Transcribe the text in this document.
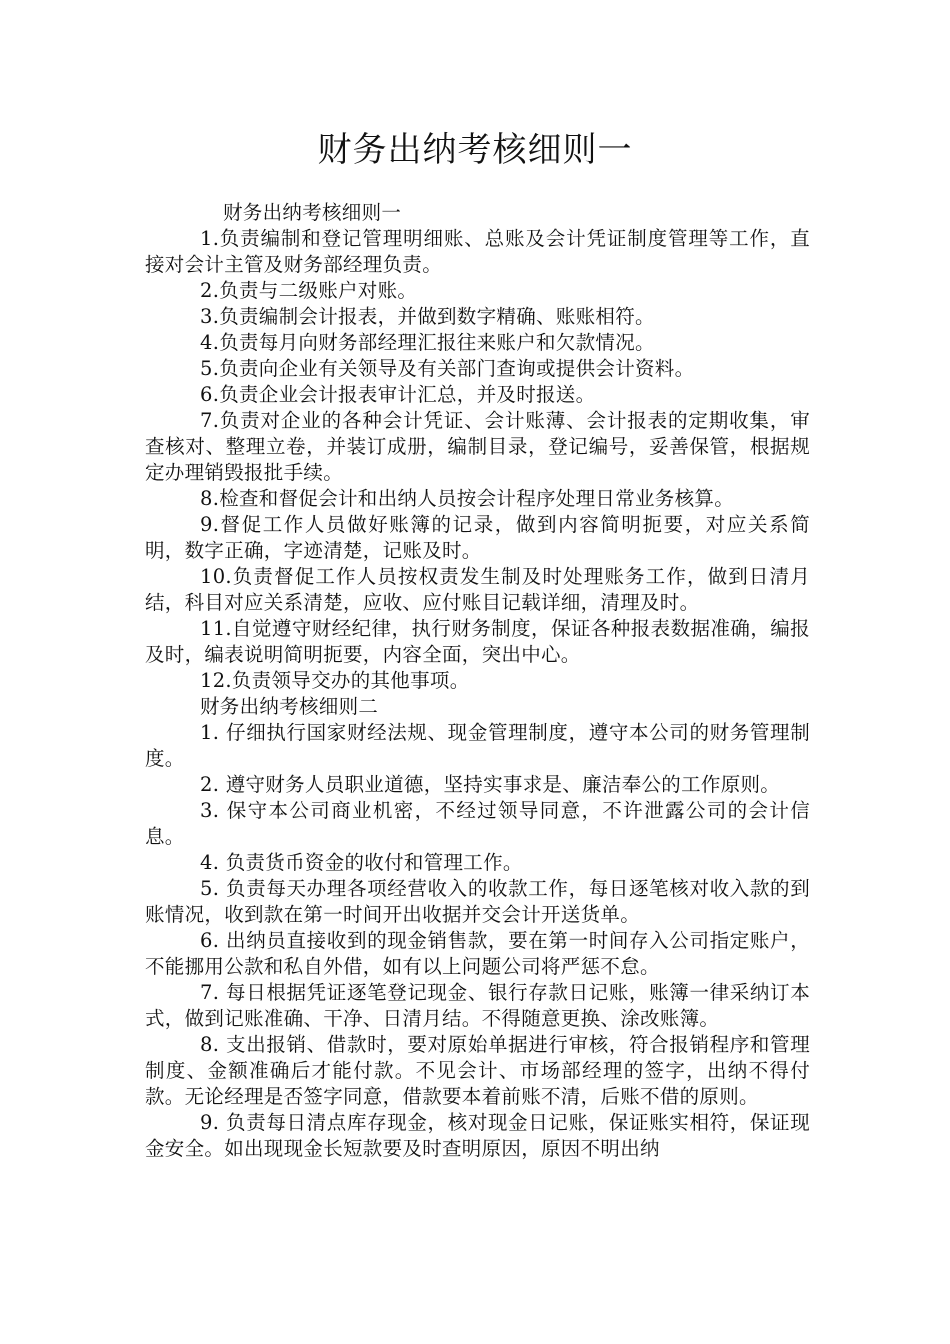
财务出纳考核细则一

财务出纳考核细则一

1.负责编制和登记管理明细账、总账及会计凭证制度管理等工作，直接对会计主管及财务部经理负责。

2.负责与二级账户对账。

3.负责编制会计报表，并做到数字精确、账账相符。

4.负责每月向财务部经理汇报往来账户和欠款情况。

5.负责向企业有关领导及有关部门查询或提供会计资料。

6.负责企业会计报表审计汇总，并及时报送。

7.负责对企业的各种会计凭证、会计账薄、会计报表的定期收集，审查核对、整理立卷，并装订成册，编制目录，登记编号，妥善保管，根据规定办理销毁报批手续。

8.检查和督促会计和出纳人员按会计程序处理日常业务核算。

9.督促工作人员做好账簿的记录，做到内容简明扼要，对应关系简明，数字正确，字迹清楚，记账及时。

10.负责督促工作人员按权责发生制及时处理账务工作，做到日清月结，科目对应关系清楚，应收、应付账目记载详细，清理及时。

11.自觉遵守财经纪律，执行财务制度，保证各种报表数据准确，编报及时，编表说明简明扼要，内容全面，突出中心。

12.负责领导交办的其他事项。

财务出纳考核细则二

1. 仔细执行国家财经法规、现金管理制度，遵守本公司的财务管理制度。

2. 遵守财务人员职业道德，坚持实事求是、廉洁奉公的工作原则。

3. 保守本公司商业机密，不经过领导同意，不许泄露公司的会计信息。

4. 负责货币资金的收付和管理工作。

5. 负责每天办理各项经营收入的收款工作，每日逐笔核对收入款的到账情况，收到款在第一时间开出收据并交会计开送货单。

6. 出纳员直接收到的现金销售款，要在第一时间存入公司指定账户，不能挪用公款和私自外借，如有以上问题公司将严惩不怠。

7. 每日根据凭证逐笔登记现金、银行存款日记账，账簿一律采纳订本式，做到记账准确、干净、日清月结。不得随意更换、涂改账簿。

8. 支出报销、借款时，要对原始单据进行审核，符合报销程序和管理制度、金额准确后才能付款。不见会计、市场部经理的签字，出纳不得付款。无论经理是否签字同意，借款要本着前账不清，后账不借的原则。

9. 负责每日清点库存现金，核对现金日记账，保证账实相符，保证现金安全。如出现现金长短款要及时查明原因，原因不明出纳
